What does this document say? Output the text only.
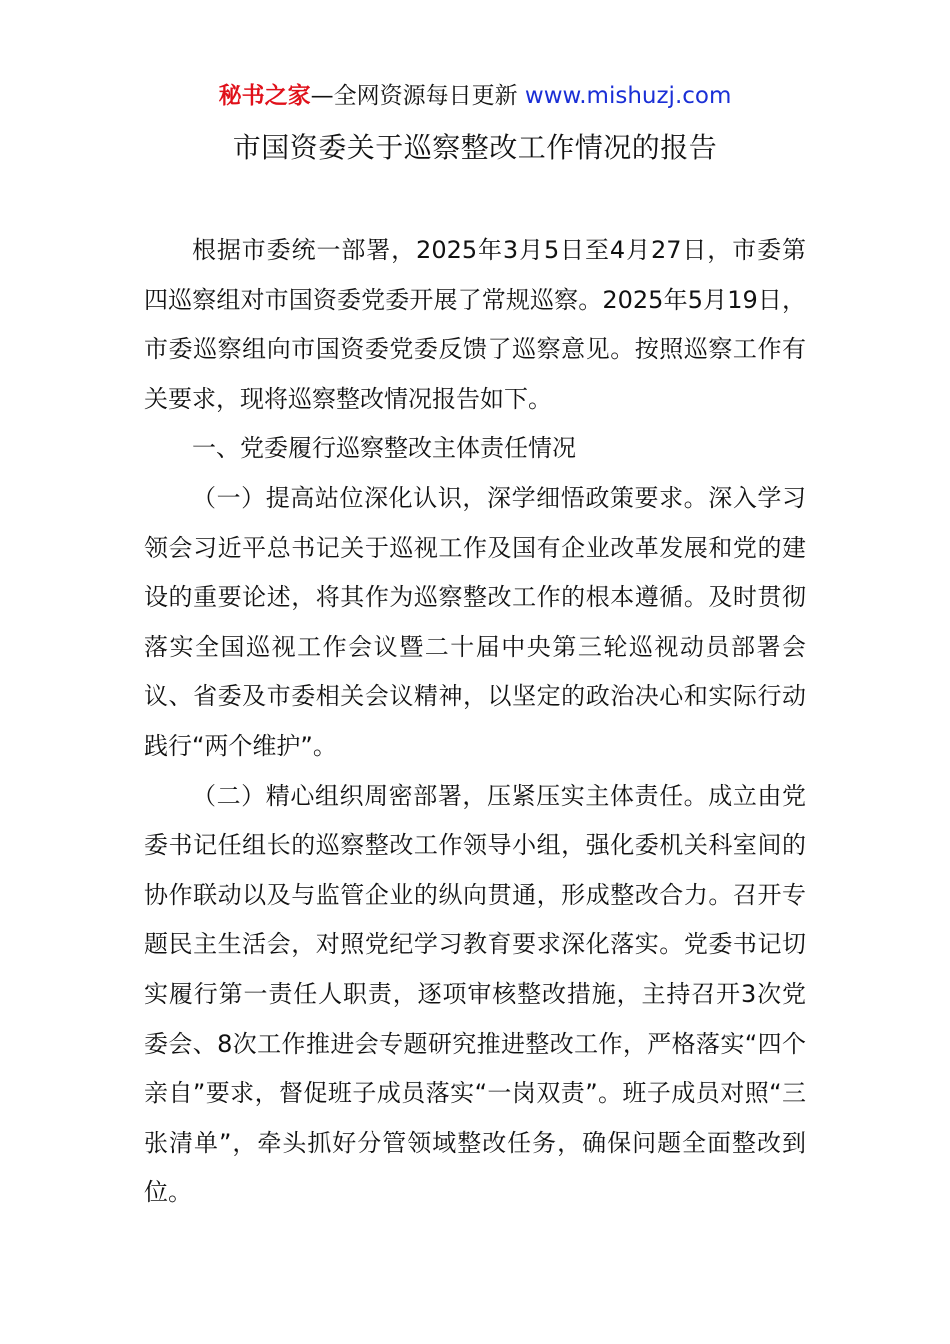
秘书之家—全网资源每日更新 www.mishuzj.com
市国资委关于巡察整改工作情况的报告

根据市委统一部署，2025年3月5日至4月27日，市委第四巡察组对市国资委党委开展了常规巡察。2025年5月19日，市委巡察组向市国资委党委反馈了巡察意见。按照巡察工作有关要求，现将巡察整改情况报告如下。

一、党委履行巡察整改主体责任情况

（一）提高站位深化认识，深学细悟政策要求。深入学习领会习近平总书记关于巡视工作及国有企业改革发展和党的建设的重要论述，将其作为巡察整改工作的根本遵循。及时贯彻落实全国巡视工作会议暨二十届中央第三轮巡视动员部署会议、省委及市委相关会议精神，以坚定的政治决心和实际行动践行“两个维护”。

（二）精心组织周密部署，压紧压实主体责任。成立由党委书记任组长的巡察整改工作领导小组，强化委机关科室间的协作联动以及与监管企业的纵向贯通，形成整改合力。召开专题民主生活会，对照党纪学习教育要求深化落实。党委书记切实履行第一责任人职责，逐项审核整改措施，主持召开3次党委会、8次工作推进会专题研究推进整改工作，严格落实“四个亲自”要求，督促班子成员落实“一岗双责”。班子成员对照“三张清单”，牵头抓好分管领域整改任务，确保问题全面整改到位。
